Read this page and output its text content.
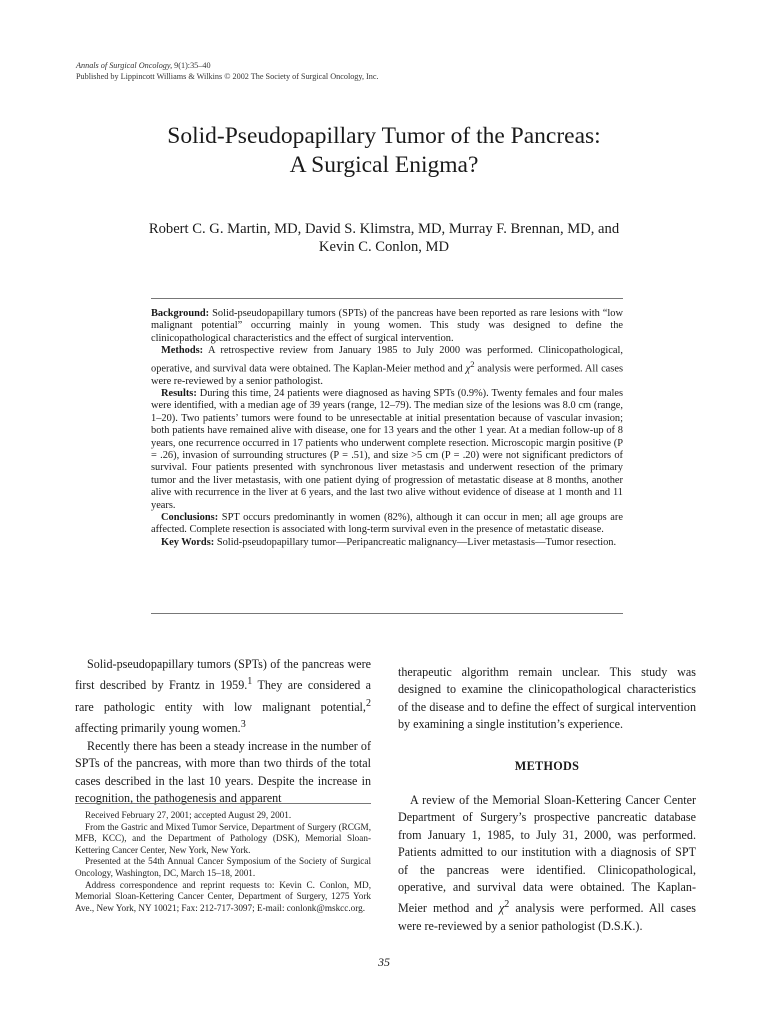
Annals of Surgical Oncology, 9(1):35–40
Published by Lippincott Williams & Wilkins © 2002 The Society of Surgical Oncology, Inc.
Solid-Pseudopapillary Tumor of the Pancreas:
A Surgical Enigma?
Robert C. G. Martin, MD, David S. Klimstra, MD, Murray F. Brennan, MD, and
Kevin C. Conlon, MD

Background: Solid-pseudopapillary tumors (SPTs) of the pancreas have been reported as rare lesions with “low malignant potential” occurring mainly in young women. This study was designed to define the clinicopathological characteristics and the effect of surgical intervention.

Methods: A retrospective review from January 1985 to July 2000 was performed. Clinicopathological, operative, and survival data were obtained. The Kaplan-Meier method and $\chi^2$ analysis were performed. All cases were re-reviewed by a senior pathologist.

Results: During this time, 24 patients were diagnosed as having SPTs (0.9%). Twenty females and four males were identified, with a median age of 39 years (range, 12–79). The median size of the lesions was 8.0 cm (range, 1–20). Two patients’ tumors were found to be unresectable at initial presentation because of vascular invasion; both patients have remained alive with disease, one for 13 years and the other 1 year. At a median follow-up of 8 years, one recurrence occurred in 17 patients who underwent complete resection. Microscopic margin positive (P = .26), invasion of surrounding structures (P = .51), and size >5 cm (P = .20) were not significant predictors of survival. Four patients presented with synchronous liver metastasis and underwent resection of the primary tumor and the liver metastasis, with one patient dying of progression of metastatic disease at 8 months, another alive with recurrence in the liver at 6 years, and the last two alive without evidence of disease at 1 month and 11 years.

Conclusions: SPT occurs predominantly in women (82%), although it can occur in men; all age groups are affected. Complete resection is associated with long-term survival even in the presence of metastatic disease.

Key Words: Solid-pseudopapillary tumor—Peripancreatic malignancy—Liver metastasis—Tumor resection.

Solid-pseudopapillary tumors (SPTs) of the pancreas were first described by Frantz in 1959.$^1$ They are considered a rare pathologic entity with low malignant potential,$^2$ affecting primarily young women.$^3$

Recently there has been a steady increase in the number of SPTs of the pancreas, with more than two thirds of the total cases described in the last 10 years. Despite the increase in recognition, the pathogenesis and apparent

Received February 27, 2001; accepted August 29, 2001.

From the Gastric and Mixed Tumor Service, Department of Surgery (RCGM, MFB, KCC), and the Department of Pathology (DSK), Memorial Sloan-Kettering Cancer Center, New York, New York.

Presented at the 54th Annual Cancer Symposium of the Society of Surgical Oncology, Washington, DC, March 15–18, 2001.

Address correspondence and reprint requests to: Kevin C. Conlon, MD, Memorial Sloan-Kettering Cancer Center, Department of Surgery, 1275 York Ave., New York, NY 10021; Fax: 212-717-3097; E-mail: conlonk@mskcc.org.

therapeutic algorithm remain unclear. This study was designed to examine the clinicopathological characteristics of the disease and to define the effect of surgical intervention by examining a single institution’s experience.

METHODS

A review of the Memorial Sloan-Kettering Cancer Center Department of Surgery’s prospective pancreatic database from January 1, 1985, to July 31, 2000, was performed. Patients admitted to our institution with a diagnosis of SPT of the pancreas were identified. Clinicopathological, operative, and survival data were obtained. The Kaplan-Meier method and $\chi^2$ analysis were performed. All cases were re-reviewed by a senior pathologist (D.S.K.).

35
